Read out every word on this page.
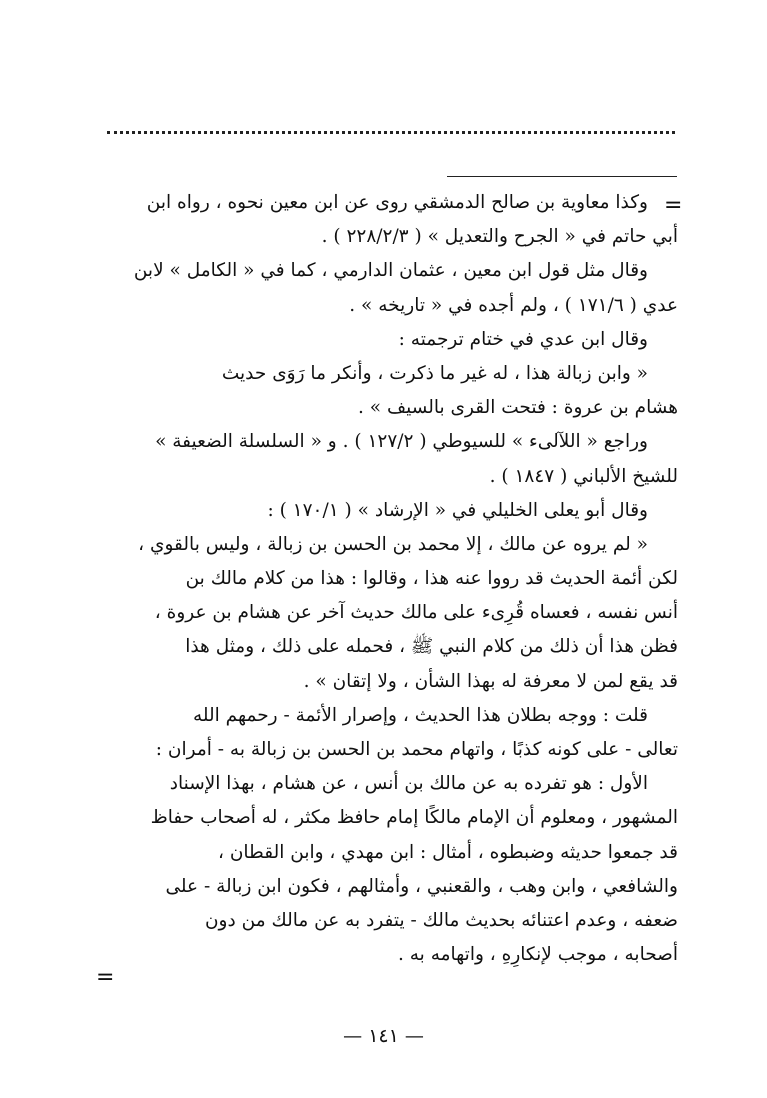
=
وكذا معاوية بن صالح الدمشقي روى عن ابن معين نحوه ، رواه ابن
أبي حاتم في « الجرح والتعديل » ( ٢٢٨/٢/٣ ) .
وقال مثل قول ابن معين ، عثمان الدارمي ، كما في « الكامل » لابن
عدي ( ١٧١/٦ ) ، ولم أجده في « تاريخه » .
وقال ابن عدي في ختام ترجمته :
« وابن زبالة هذا ، له غير ما ذكرت ، وأنكر ما رَوَى حديث
هشام بن عروة : فتحت القرى بالسيف » .
وراجع « اللآلىء » للسيوطي ( ١٢٧/٢ ) . و « السلسلة الضعيفة »
للشيخ الألباني ( ١٨٤٧ ) .
وقال أبو يعلى الخليلي في « الإرشاد » ( ١٧٠/١ ) :
« لم يروه عن مالك ، إلا محمد بن الحسن بن زبالة ، وليس بالقوي ،
لكن أئمة الحديث قد رووا عنه هذا ، وقالوا : هذا من كلام مالك بن
أنس نفسه ، فعساه قُرِىء على مالك حديث آخر عن هشام بن عروة ،
فظن هذا أن ذلك من كلام النبي ﷺ ، فحمله على ذلك ، ومثل هذا
قد يقع لمن لا معرفة له بهذا الشأن ، ولا إتقان » .
قلت : ووجه بطلان هذا الحديث ، وإصرار الأئمة - رحمهم الله
تعالى - على كونه كذبًا ، واتهام محمد بن الحسن بن زبالة به - أمران :
الأول : هو تفرده به عن مالك بن أنس ، عن هشام ، بهذا الإسناد
المشهور ، ومعلوم أن الإمام مالكًا إمام حافظ مكثر ، له أصحاب حفاظ
قد جمعوا حديثه وضبطوه ، أمثال : ابن مهدي ، وابن القطان ،
والشافعي ، وابن وهب ، والقعنبي ، وأمثالهم ، فكون ابن زبالة - على
ضعفه ، وعدم اعتنائه بحديث مالك - يتفرد به عن مالك من دون
أصحابه ، موجب لإنكارِهِ ، واتهامه به .
=
— ١٤١ —
